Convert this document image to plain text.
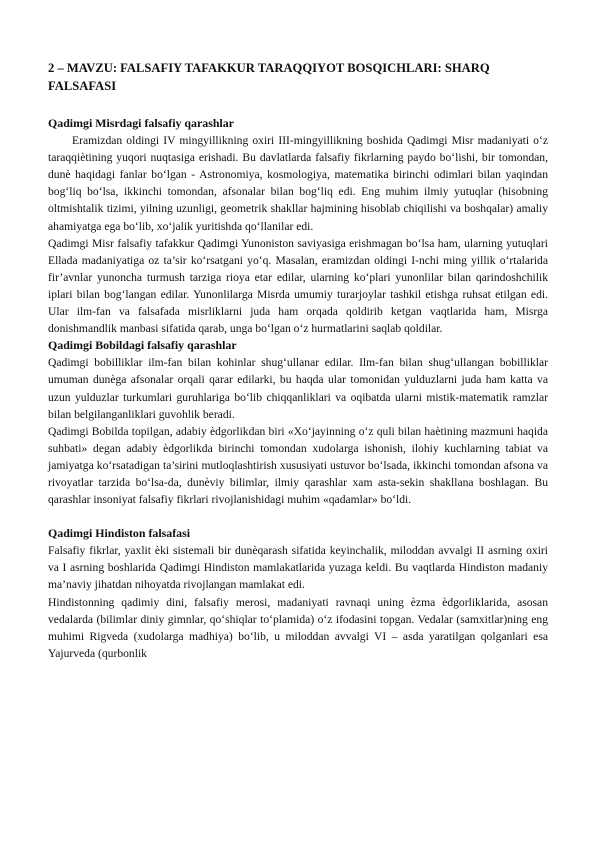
2 – MAVZU: FALSAFIY TAFAKKUR TARAQQIYOT BOSQICHLARI: SHARQ FALSAFASI
Qadimgi Misrdagi falsafiy qarashlar

Eramizdan oldingi IV mingyillikning oxiri III-mingyillikning boshida Qadimgi Misr madaniyati o‘z taraqqiѐtining yuqori nuqtasiga erishadi. Bu davlatlarda falsafiy fikrlarning paydo bo‘lishi, bir tomondan, dunѐ haqidagi fanlar bo‘lgan - Astronomiya, kosmologiya, matematika birinchi odimlari bilan yaqindan bog‘liq bo‘lsa, ikkinchi tomondan, afsonalar bilan bog‘liq edi. Eng muhim ilmiy yutuqlar (hisobning oltmishtalik tizimi, yilning uzunligi, geometrik shakllar hajmining hisoblab chiqilishi va boshqalar) amaliy ahamiyatga ega bo‘lib, xo‘jalik yuritishda qo‘llanilar edi.

Qadimgi Misr falsafiy tafakkur Qadimgi Yunoniston saviyasiga erishmagan bo‘lsa ham, ularning yutuqlari Ellada madaniyatiga oz ta’sir ko‘rsatgani yo‘q. Masalan, eramizdan oldingi I-nchi ming yillik o‘rtalarida fir’avnlar yunoncha turmush tarziga rioya etar edilar, ularning ko‘plari yunonlilar bilan qarindoshchilik iplari bilan bog‘langan edilar. Yunonlilarga Misrda umumiy turarjoylar tashkil etishga ruhsat etilgan edi. Ular ilm-fan va falsafada misrliklarni juda ham orqada qoldirib ketgan vaqtlarida ham, Misrga donishmandlik manbasi sifatida qarab, unga bo‘lgan o‘z hurmatlarini saqlab qoldilar.

Qadimgi Bobildagi falsafiy qarashlar

Qadimgi bobilliklar ilm-fan bilan kohinlar shug‘ullanar edilar. Ilm-fan bilan shug‘ullangan bobilliklar umuman dunѐga afsonalar orqali qarar edilarki, bu haqda ular tomonidan yulduzlarni juda ham katta va uzun yulduzlar turkumlari guruhlariga bo‘lib chiqqanliklari va oqibatda ularni mistik-matematik ramzlar bilan belgilanganliklari guvohlik beradi.

Qadimgi Bobilda topilgan, adabiy ѐdgorlikdan biri «Xo‘jayinning o‘z quli bilan haѐtining mazmuni haqida suhbati» degan adabiy ѐdgorlikda birinchi tomondan xudolarga ishonish, ilohiy kuchlarning tabiat va jamiyatga ko‘rsatadigan ta’sirini mutloqlashtirish xususiyati ustuvor bo‘lsada, ikkinchi tomondan afsona va rivoyatlar tarzida bo‘lsa-da, dunѐviy bilimlar, ilmiy qarashlar xam asta-sekin shakllana boshlagan. Bu qarashlar insoniyat falsafiy fikrlari rivojlanishidagi muhim «qadamlar» bo‘ldi.

Qadimgi Hindiston falsafasi

Falsafiy fikrlar, yaxlit ѐki sistemali bir dunѐqarash sifatida keyinchalik, miloddan avvalgi II asrning oxiri va I asrning boshlarida Qadimgi Hindiston mamlakatlarida yuzaga keldi. Bu vaqtlarda Hindiston madaniy ma’naviy jihatdan nihoyatda rivojlangan mamlakat edi.

Hindistonning qadimiy dini, falsafiy merosi, madaniyati ravnaqi uning ѐzma ѐdgorliklarida, asosan vedalarda (bilimlar diniy gimnlar, qo‘shiqlar to‘plamida) o‘z ifodasini topgan. Vedalar (samxitlar)ning eng muhimi Rigveda (xudolarga madhiya) bo‘lib, u miloddan avvalgi VI – asda yaratilgan qolganlari esa Yajurveda (qurbonlik
